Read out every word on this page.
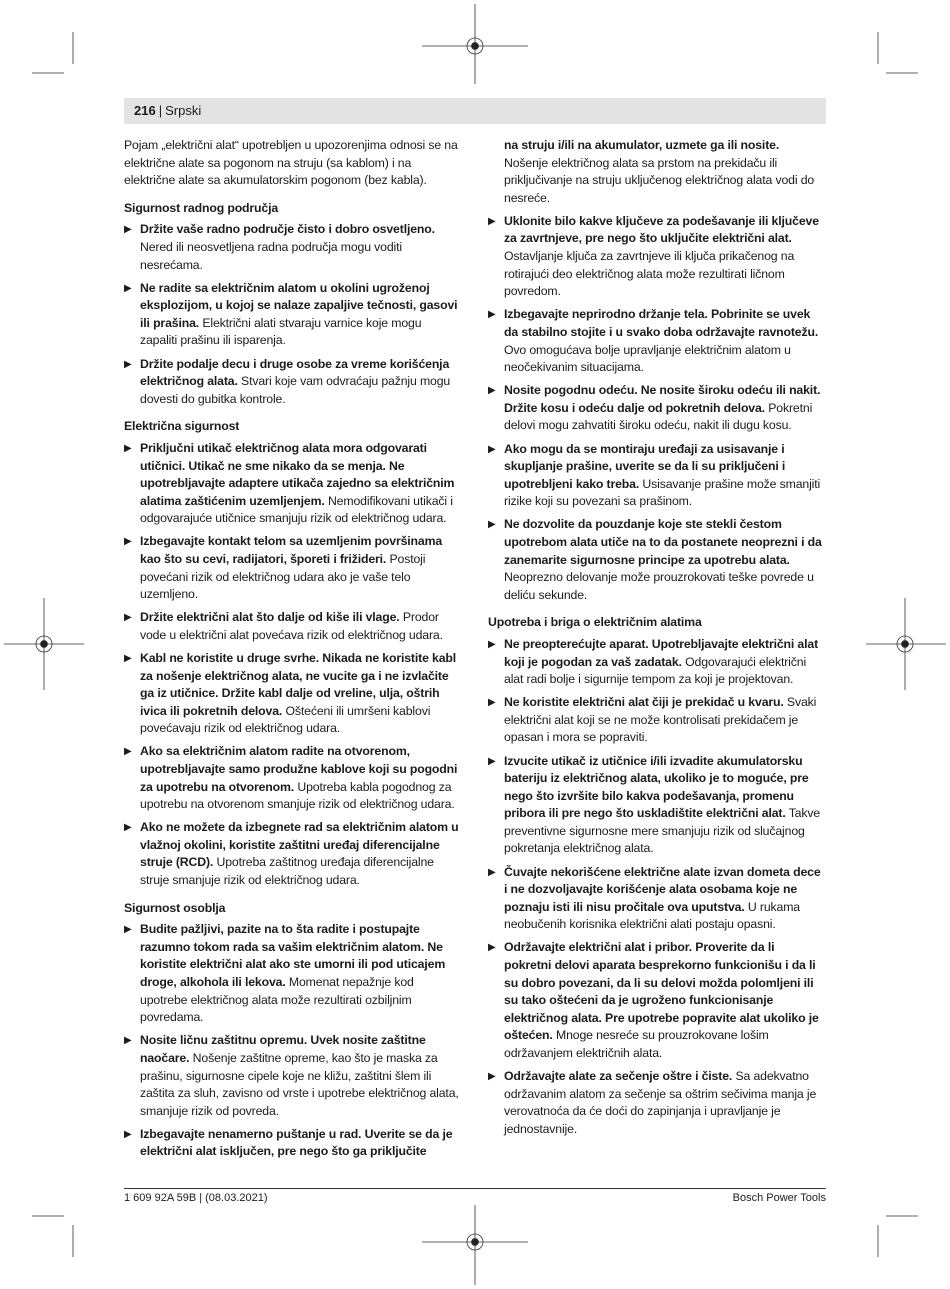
216 | Srpski

Pojam „električni alat“ upotrebljen u upozorenjima odnosi se na električne alate sa pogonom na struju (sa kablom) i na električne alate sa akumulatorskim pogonom (bez kabla).

Sigurnost radnog područja
▶ Držite vaše radno područje čisto i dobro osvetljeno. Nered ili neosvetljena radna područja mogu voditi nesrećama.
▶ Ne radite sa električnim alatom u okolini ugroženoj eksplozijom, u kojoj se nalaze zapaljive tečnosti, gasovi ili prašina. Električni alati stvaraju varnice koje mogu zapaliti prašinu ili isparenja.
▶ Držite podalje decu i druge osobe za vreme korišćenja električnog alata. Stvari koje vam odvraćaju pažnju mogu dovesti do gubitka kontrole.
Električna sigurnost
▶ Priključni utikač električnog alata mora odgovarati utičnici. Utikač ne sme nikako da se menja. Ne upotrebljavajte adaptere utikača zajedno sa električnim alatima zaštićenim uzemljenjem. Nemodifikovani utikači i odgovarajuće utičnice smanjuju rizik od električnog udara.
▶ Izbegavajte kontakt telom sa uzemljenim površinama kao što su cevi, radijatori, šporeti i frižideri. Postoji povećani rizik od električnog udara ako je vaše telo uzemljeno.
▶ Držite električni alat što dalje od kiše ili vlage. Prodor vode u električni alat povećava rizik od električnog udara.
▶ Kabl ne koristite u druge svrhe. Nikada ne koristite kabl za nošenje električnog alata, ne vucite ga i ne izvlačite ga iz utičnice. Držite kabl dalje od vreline, ulja, oštrih ivica ili pokretnih delova. Oštećeni ili umršeni kablovi povećavaju rizik od električnog udara.
▶ Ako sa električnim alatom radite na otvorenom, upotrebljavajte samo produžne kablove koji su pogodni za upotrebu na otvorenom. Upotreba kabla pogodnog za upotrebu na otvorenom smanjuje rizik od električnog udara.
▶ Ako ne možete da izbegnete rad sa električnim alatom u vlažnoj okolini, koristite zaštitni uređaj diferencijalne struje (RCD). Upotreba zaštitnog uređaja diferencijalne struje smanjuje rizik od električnog udara.
Sigurnost osoblja
▶ Budite pažljivi, pazite na to šta radite i postupajte razumno tokom rada sa vašim električnim alatom. Ne koristite električni alat ako ste umorni ili pod uticajem droge, alkohola ili lekova. Momenat nepažnje kod upotrebe električnog alata može rezultirati ozbiljnim povredama.
▶ Nosite ličnu zaštitnu opremu. Uvek nosite zaštitne naočare. Nošenje zaštitne opreme, kao što je maska za prašinu, sigurnosne cipele koje ne kližu, zaštitni šlem ili zaštita za sluh, zavisno od vrste i upotrebe električnog alata, smanjuje rizik od povreda.
▶ Izbegavajte nenamerno puštanje u rad. Uverite se da je električni alat isključen, pre nego što ga priključite
na struju i/ili na akumulator, uzmete ga ili nosite. Nošenje električnog alata sa prstom na prekidaču ili priključivanje na struju uključenog električnog alata vodi do nesreće.
▶ Uklonite bilo kakve ključeve za podešavanje ili ključeve za zavrtnjeve, pre nego što uključite električni alat. Ostavljanje ključa za zavrtnjeve ili ključa prikačenog na rotirajući deo električnog alata može rezultirati ličnom povredom.
▶ Izbegavajte neprirodno držanje tela. Pobrinite se uvek da stabilno stojite i u svako doba održavajte ravnotežu. Ovo omogućava bolje upravljanje električnim alatom u neočekivanim situacijama.
▶ Nosite pogodnu odeću. Ne nosite široku odeću ili nakit. Držite kosu i odeću dalje od pokretnih delova. Pokretni delovi mogu zahvatiti široku odeću, nakit ili dugu kosu.
▶ Ako mogu da se montiraju uređaji za usisavanje i skupljanje prašine, uverite se da li su priključeni i upotrebljeni kako treba. Usisavanje prašine može smanjiti rizike koji su povezani sa prašinom.
▶ Ne dozvolite da pouzdanje koje ste stekli čestom upotrebom alata utiče na to da postanete neoprezni i da zanemarite sigurnosne principe za upotrebu alata. Neoprezno delovanje može prouzrokovati teške povrede u deliću sekunde.
Upotreba i briga o električnim alatima
▶ Ne preopterećujte aparat. Upotrebljavajte električni alat koji je pogodan za vaš zadatak. Odgovarajući električni alat radi bolje i sigurnije tempom za koji je projektovan.
▶ Ne koristite električni alat čiji je prekidač u kvaru. Svaki električni alat koji se ne može kontrolisati prekidačem je opasan i mora se popraviti.
▶ Izvucite utikač iz utičnice i/ili izvadite akumulatorsku bateriju iz električnog alata, ukoliko je to moguće, pre nego što izvršite bilo kakva podešavanja, promenu pribora ili pre nego što uskladištite električni alat. Takve preventivne sigurnosne mere smanjuju rizik od slučajnog pokretanja električnog alata.
▶ Čuvajte nekorišćene električne alate izvan dometa dece i ne dozvoljavajte korišćenje alata osobama koje ne poznaju isti ili nisu pročitale ova uputstva. U rukama neobučenih korisnika električni alati postaju opasni.
▶ Održavajte električni alat i pribor. Proverite da li pokretni delovi aparata besprekorno funkcionišu i da li su dobro povezani, da li su delovi možda polomljeni ili su tako oštećeni da je ugroženo funkcionisanje električnog alata. Pre upotrebe popravite alat ukoliko je oštećen. Mnoge nesreće su prouzrokovane lošim održavanjem električnih alata.
▶ Održavajte alate za sečenje oštre i čiste. Sa adekvatno održavanim alatom za sečenje sa oštrim sečivima manja je verovatnoća da će doći do zapinjanja i upravljanje je jednostavnije.
1 609 92A 59B | (08.03.2021)	Bosch Power Tools
